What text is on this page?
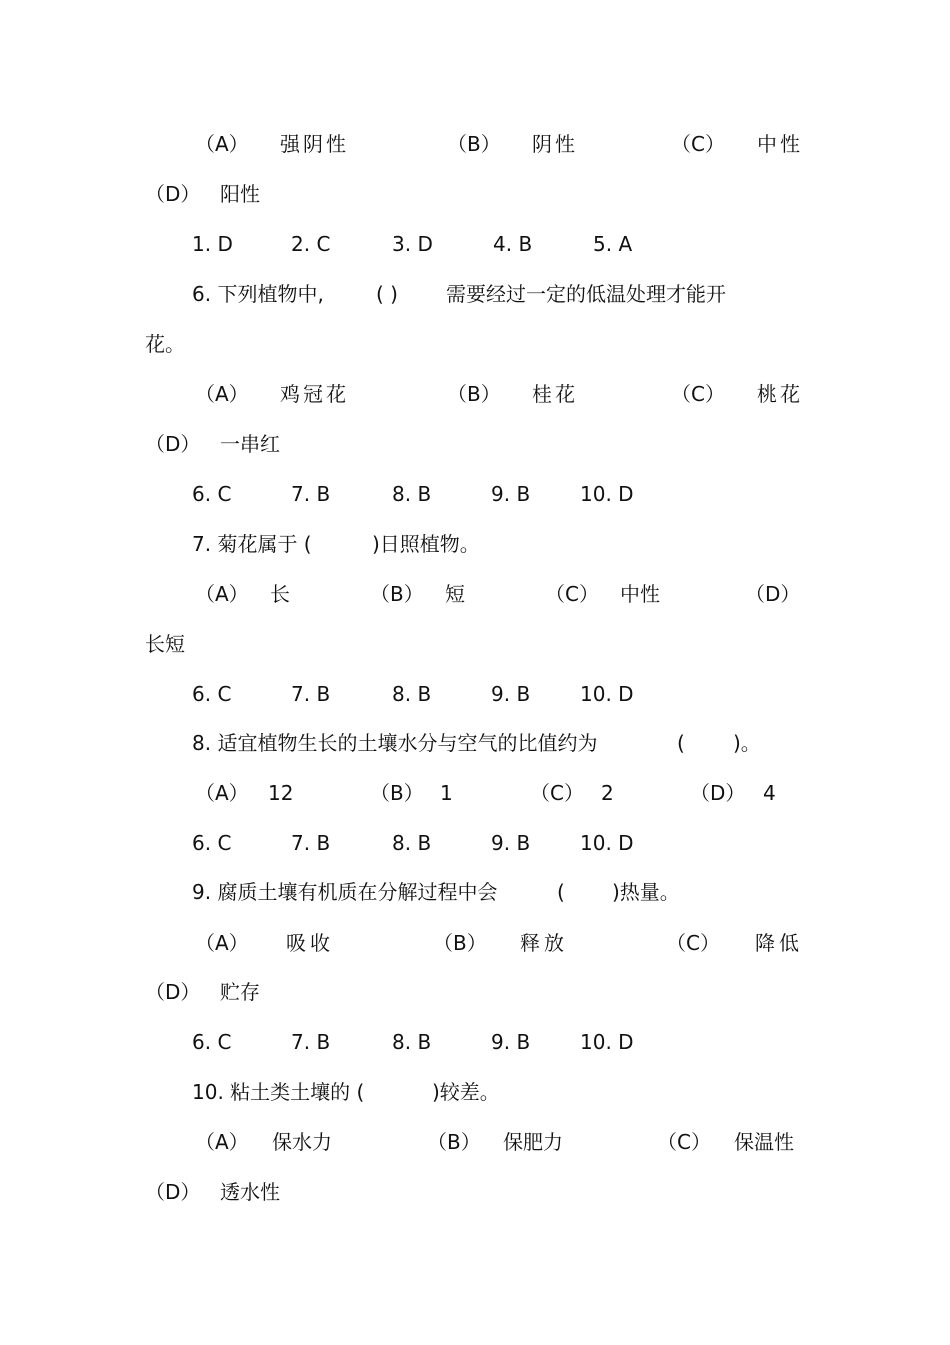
（A） 强阴性	（B） 阴性	（C） 中性
（D） 阳性
1. D	2. C	3. D	4. B	5. A
6. 下列植物中,	( ) 需要经过一定的低温处理才能开
花。
（A） 鸡冠花	（B） 桂花	（C） 桃花
（D） 一串红
6. C	7. B	8. B	9. B 10. D
7. 菊花属于 (	)日照植物。
（A） 长	（B） 短	（C） 中性	（D）
长短
6. C	7. B	8. B	9. B 10. D
8. 适宜植物生长的土壤水分与空气的比值约为	( )。
（A） 12	（B） 1	（C） 2	（D） 4
6. C	7. B	8. B	9. B 10. D
9. 腐质土壤有机质在分解过程中会	( )热量。
（A） 吸收	（B） 释放	（C） 降低
（D） 贮存
6. C	7. B	8. B	9. B 10. D
10. 粘土类土壤的 (	)较差。
（A） 保水力	（B） 保肥力	（C） 保温性
（D） 透水性
